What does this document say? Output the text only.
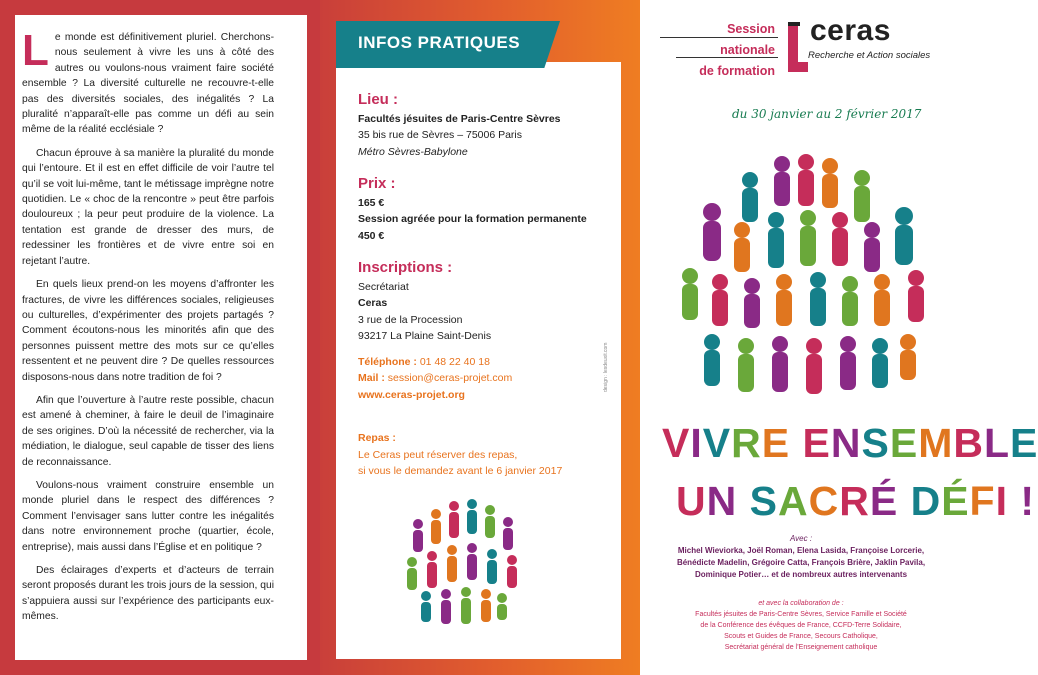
Le monde est définitivement pluriel. Cherchons-nous seulement à vivre les uns à côté des autres ou voulons-nous vraiment faire société ensemble ? La diversité culturelle ne recouvre-t-elle pas des diversités sociales, des inégalités ? La pluralité n’apparaît-elle pas comme un défi au sein même de la réalité ecclésiale ?

Chacun éprouve à sa manière la pluralité du monde qui l’entoure. Et il est en effet difficile de voir l’autre tel qu’il se voit lui-même, tant le métissage imprègne notre quotidien. Le « choc de la rencontre » peut être parfois douloureux ; la peur peut produire de la violence. La tentation est grande de dresser des murs, de redessiner les frontières et de vivre entre soi en rejetant l’autre.

En quels lieux prend-on les moyens d’affronter les fractures, de vivre les différences sociales, religieuses ou culturelles, d’expérimenter des projets partagés ? Comment écoutons-nous les minorités afin que des personnes puissent mettre des mots sur ce qu’elles ressentent et ne peuvent dire ? De quelles ressources disposons-nous dans notre tradition de foi ?

Afin que l’ouverture à l’autre reste possible, chacun est amené à cheminer, à faire le deuil de l’imaginaire de ses origines. D’où la nécessité de rechercher, via la médiation, le dialogue, seul capable de tisser des liens de reconnaissance.

Voulons-nous vraiment construire ensemble un monde pluriel dans le respect des différences ? Comment l’envisager sans lutter contre les inégalités dans notre environnement proche (quartier, école, entreprise), mais aussi dans l’Église et en politique ?

Des éclairages d’experts et d’acteurs de terrain seront proposés durant les trois jours de la session, qui s’appuiera aussi sur l’expérience des participants eux-mêmes.

INFOS PRATIQUES
Lieu :
Facultés jésuites de Paris-Centre Sèvres
35 bis rue de Sèvres – 75006 Paris
Métro Sèvres-Babylone
Prix :
165 €
Session agréée pour la formation permanente
450 €
Inscriptions :
Secrétariat
Ceras
3 rue de la Procession
93217 La Plaine Saint-Denis
Téléphone : 01 48 22 40 18
Mail : session@ceras-projet.com
www.ceras-projet.org
Repas :
Le Ceras peut réserver des repas,
si vous le demandez avant le 6 janvier 2017
design : lesdeuxit.com
Session
nationale
de formation
ceras
Recherche et Action sociales
du 30 janvier au 2 février 2017
VIVRE ENSEMBLE
UN SACRÉ DÉFI !
Avec :
Michel Wieviorka, Joël Roman, Elena Lasida, Françoise Lorcerie,
Bénédicte Madelin, Grégoire Catta, François Brière, Jaklin Pavila,
Dominique Potier… et de nombreux autres intervenants
et avec la collaboration de :
Facultés jésuites de Paris-Centre Sèvres, Service Famille et Société
de la Conférence des évêques de France, CCFD-Terre Solidaire,
Scouts et Guides de France, Secours Catholique,
Secrétariat général de l’Enseignement catholique
